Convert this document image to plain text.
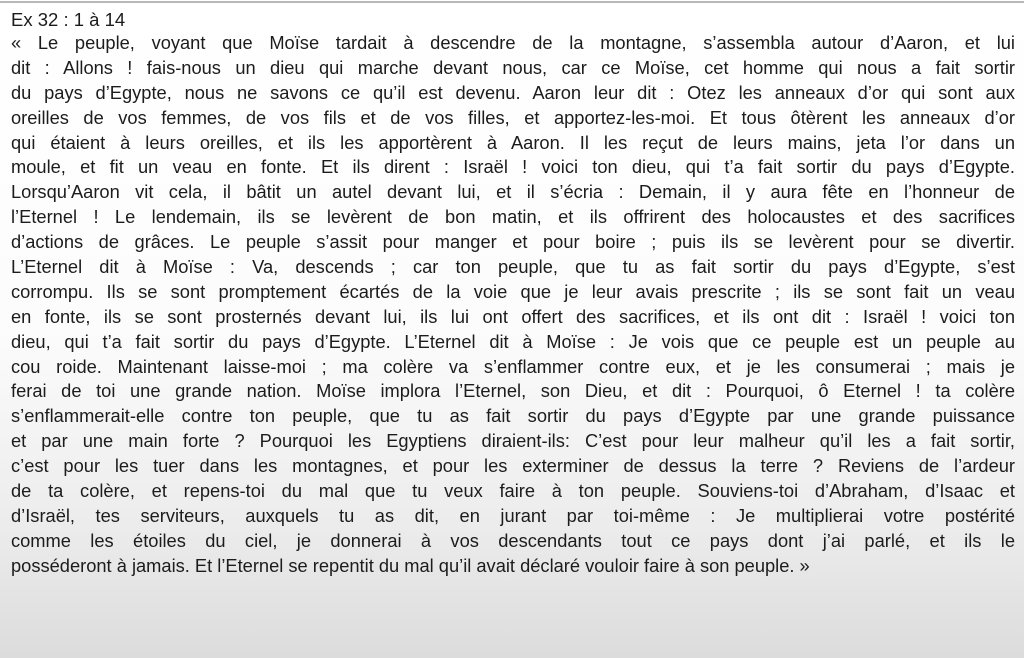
Ex 32 : 1 à 14
« Le peuple, voyant que Moïse tardait à descendre de la montagne, s’assembla autour d’Aaron, et lui
dit : Allons ! fais-nous un dieu qui marche devant nous, car ce Moïse, cet homme qui nous a fait sortir
du pays d’Egypte, nous ne savons ce qu’il est devenu. Aaron leur dit : Otez les anneaux d’or qui sont aux
oreilles de vos femmes, de vos fils et de vos filles, et apportez-les-moi. Et tous ôtèrent les anneaux d’or
qui étaient à leurs oreilles, et ils les apportèrent à Aaron. Il les reçut de leurs mains, jeta l’or dans un
moule, et fit un veau en fonte. Et ils dirent : Israël ! voici ton dieu, qui t’a fait sortir du pays d’Egypte.
Lorsqu’Aaron vit cela, il bâtit un autel devant lui, et il s’écria : Demain, il y aura fête en l’honneur de
l’Eternel ! Le lendemain, ils se levèrent de bon matin, et ils offrirent des holocaustes et des sacrifices
d’actions de grâces. Le peuple s’assit pour manger et pour boire ; puis ils se levèrent pour se divertir.
L’Eternel dit à Moïse : Va, descends ; car ton peuple, que tu as fait sortir du pays d’Egypte, s’est
corrompu. Ils se sont promptement écartés de la voie que je leur avais prescrite ; ils se sont fait un veau
en fonte, ils se sont prosternés devant lui, ils lui ont offert des sacrifices, et ils ont dit : Israël ! voici ton
dieu, qui t’a fait sortir du pays d’Egypte. L’Eternel dit à Moïse : Je vois que ce peuple est un peuple au
cou roide. Maintenant laisse-moi ; ma colère va s’enflammer contre eux, et je les consumerai ; mais je
ferai de toi une grande nation. Moïse implora l’Eternel, son Dieu, et dit : Pourquoi, ô Eternel ! ta colère
s’enflammerait-elle contre ton peuple, que tu as fait sortir du pays d’Egypte par une grande puissance
et par une main forte ? Pourquoi les Egyptiens diraient-ils: C’est pour leur malheur qu’il les a fait sortir,
c’est pour les tuer dans les montagnes, et pour les exterminer de dessus la terre ? Reviens de l’ardeur
de ta colère, et repens-toi du mal que tu veux faire à ton peuple. Souviens-toi d’Abraham, d’Isaac et
d’Israël, tes serviteurs, auxquels tu as dit, en jurant par toi-même : Je multiplierai votre postérité
comme les étoiles du ciel, je donnerai à vos descendants tout ce pays dont j’ai parlé, et ils le
posséderont à jamais. Et l’Eternel se repentit du mal qu’il avait déclaré vouloir faire à son peuple. »
